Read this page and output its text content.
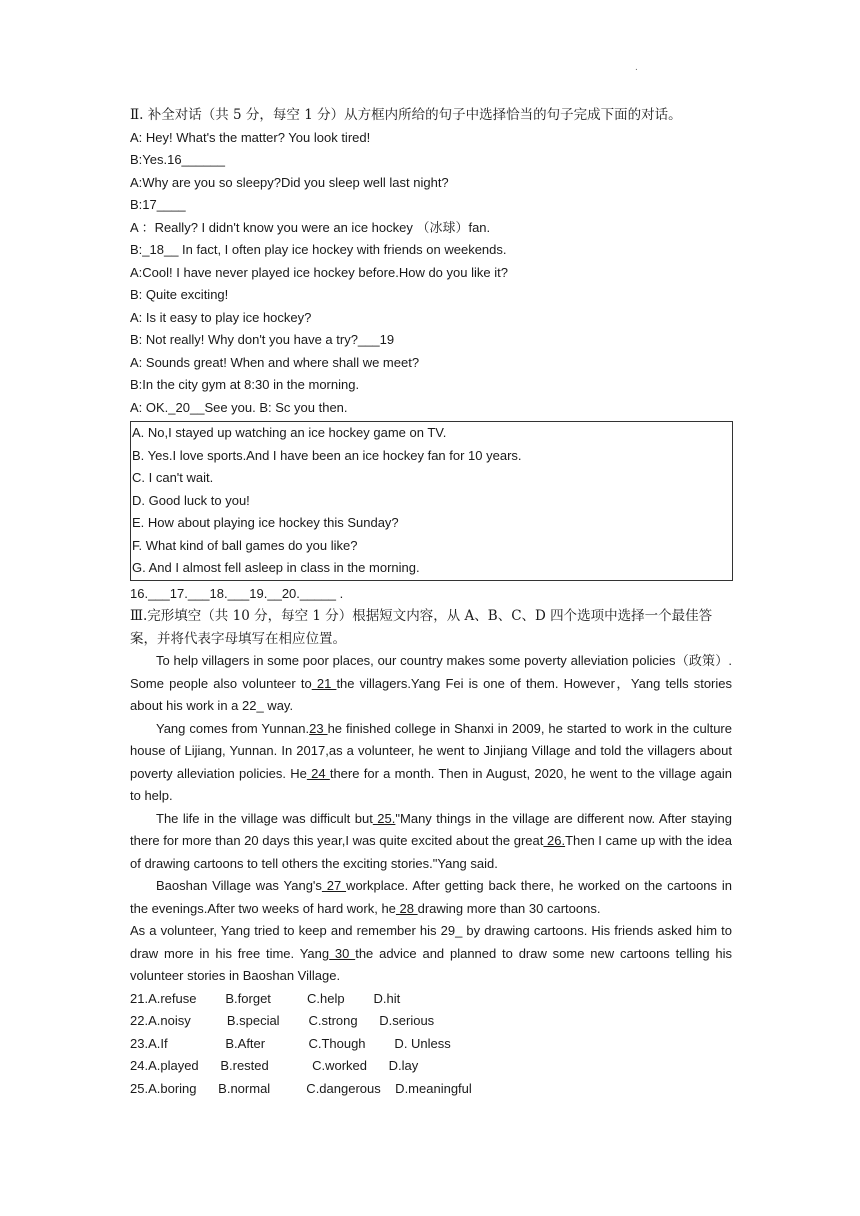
.
Ⅱ. 补全对话（共 5 分，每空 1 分）从方框内所给的句子中选择恰当的句子完成下面的对话。
A: Hey! What's the matter? You look tired!
B:Yes.16______
A:Why are you so sleepy?Did you sleep well last night?
B:17____
A ：Really? I didn't know you were an ice hockey （冰球）fan.
B:_18__ In fact, I often play ice hockey with friends on weekends.
A:Cool! I have never played ice hockey before.How do you like it?
B: Quite exciting!
A: Is it easy to play ice hockey?
B: Not really! Why don't you have a try?___19
A: Sounds great! When and where shall we meet?
B:In the city gym at 8:30 in the morning.
A: OK._20__See you. B: Sc you then.
A. No,I stayed up watching an ice hockey game on TV.
B. Yes.I love sports.And I have been an ice hockey fan for 10 years.
C. I can't wait.
D. Good luck to you!
E. How about playing ice hockey this Sunday?
F. What kind of ball games do you like?
G. And I almost fell asleep in class in the morning.
16.___17.___18.___19.__20._____ .
Ⅲ.完形填空（共 10 分，每空 1 分）根据短文内容，从 A、B、C、D 四个选项中选择一个最佳答案，并将代表字母填写在相应位置。
To help villagers in some poor places, our country makes some poverty alleviation policies（政策）. Some people also volunteer to 21 the villagers.Yang Fei is one of them. However，Yang tells stories about his work in a 22_ way.
Yang comes from Yunnan.23 he finished college in Shanxi in 2009, he started to work in the culture house of Lijiang, Yunnan. In 2017,as a volunteer, he went to Jinjiang Village and told the villagers about poverty alleviation policies. He 24 there for a month. Then in August, 2020, he went to the village again to help.
The life in the village was difficult but 25."Many things in the village are different now. After staying there for more than 20 days this year,I was quite excited about the great 26.Then I came up with the idea of drawing cartoons to tell others the exciting stories."Yang said.
Baoshan Village was Yang's 27 workplace. After getting back there, he worked on the cartoons in the evenings.After two weeks of hard work, he 28 drawing more than 30 cartoons.
As a volunteer, Yang tried to keep and remember his 29_ by drawing cartoons. His friends asked him to draw more in his free time. Yang 30 the advice and planned to draw some new cartoons telling his volunteer stories in Baoshan Village.
21.A.refuse        B.forget          C.help        D.hit
22.A.noisy          B.special        C.strong      D.serious
23.A.If                B.After            C.Though        D. Unless
24.A.played      B.rested            C.worked      D.lay
25.A.boring      B.normal          C.dangerous    D.meaningful
